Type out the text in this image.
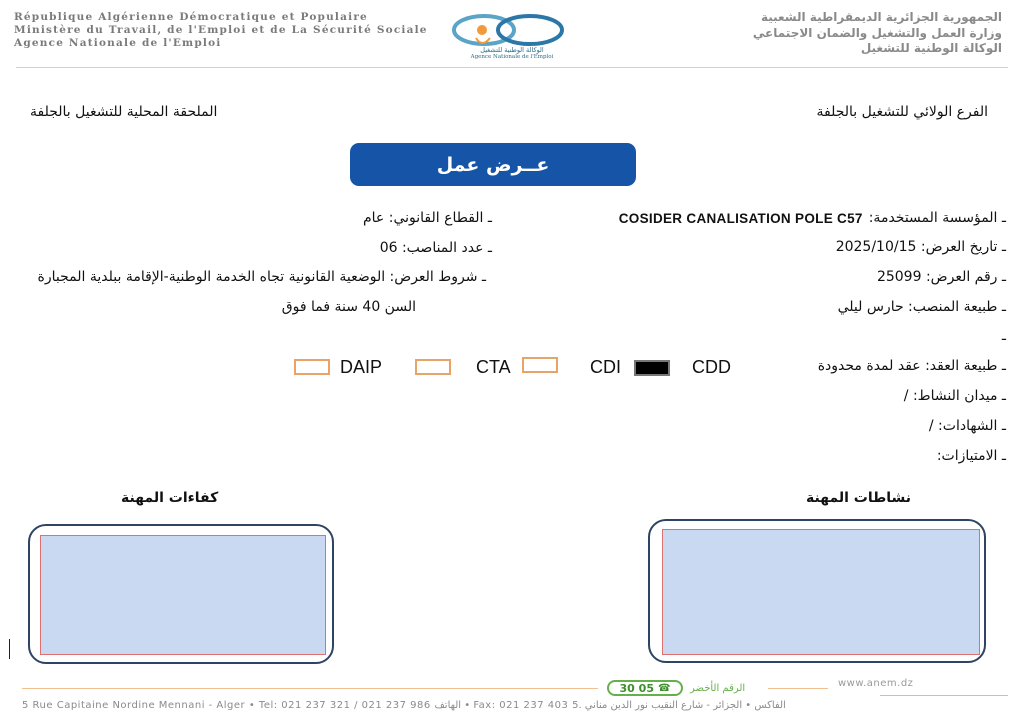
République Algérienne Démocratique et Populaire
Ministère du Travail, de l'Emploi et de La Sécurité Sociale
Agence Nationale de l'Emploi
الجمهورية الجزائرية الديمقراطية الشعبية
وزارة العمل والتشغيل والضمان الاجتماعي
الوكالة الوطنية للتشغيل
الوكالة الوطنية للتشغيل
Agence Nationale de l'Emploi
الفرع الولائي للتشغيل بالجلفة
الملحقة المحلية للتشغيل بالجلفة
عــرض عمل
ـ المؤسسة المستخدمة:
COSIDER CANALISATION POLE C57
ـ تاريخ العرض: 2025/10/15
ـ رقم العرض: 25099
ـ طبيعة المنصب: حارس ليلي
ـ
ـ طبيعة العقد: عقد لمدة محدودة
ـ ميدان النشاط: /
ـ الشهادات: /
ـ الامتيازات:
ـ القطاع القانوني: عام
ـ عدد المناصب: 06
ـ شروط العرض: الوضعية القانونية تجاه الخدمة الوطنية-الإقامة ببلدية المجبارة
السن 40 سنة فما فوق
CDD
CDI
CTA
DAIP
نشاطات المهنة
كفاءات المهنة
30 05 ☎ الرقم الأخضر	www.anem.dz
5 Rue Capitaine Nordine Mennani - Alger • Tel: 021 237 321 / 021 237 986 الهاتف • Fax: 021 237 403 الفاكس • الجزائر - شارع النقيب نور الدين مناني .5
